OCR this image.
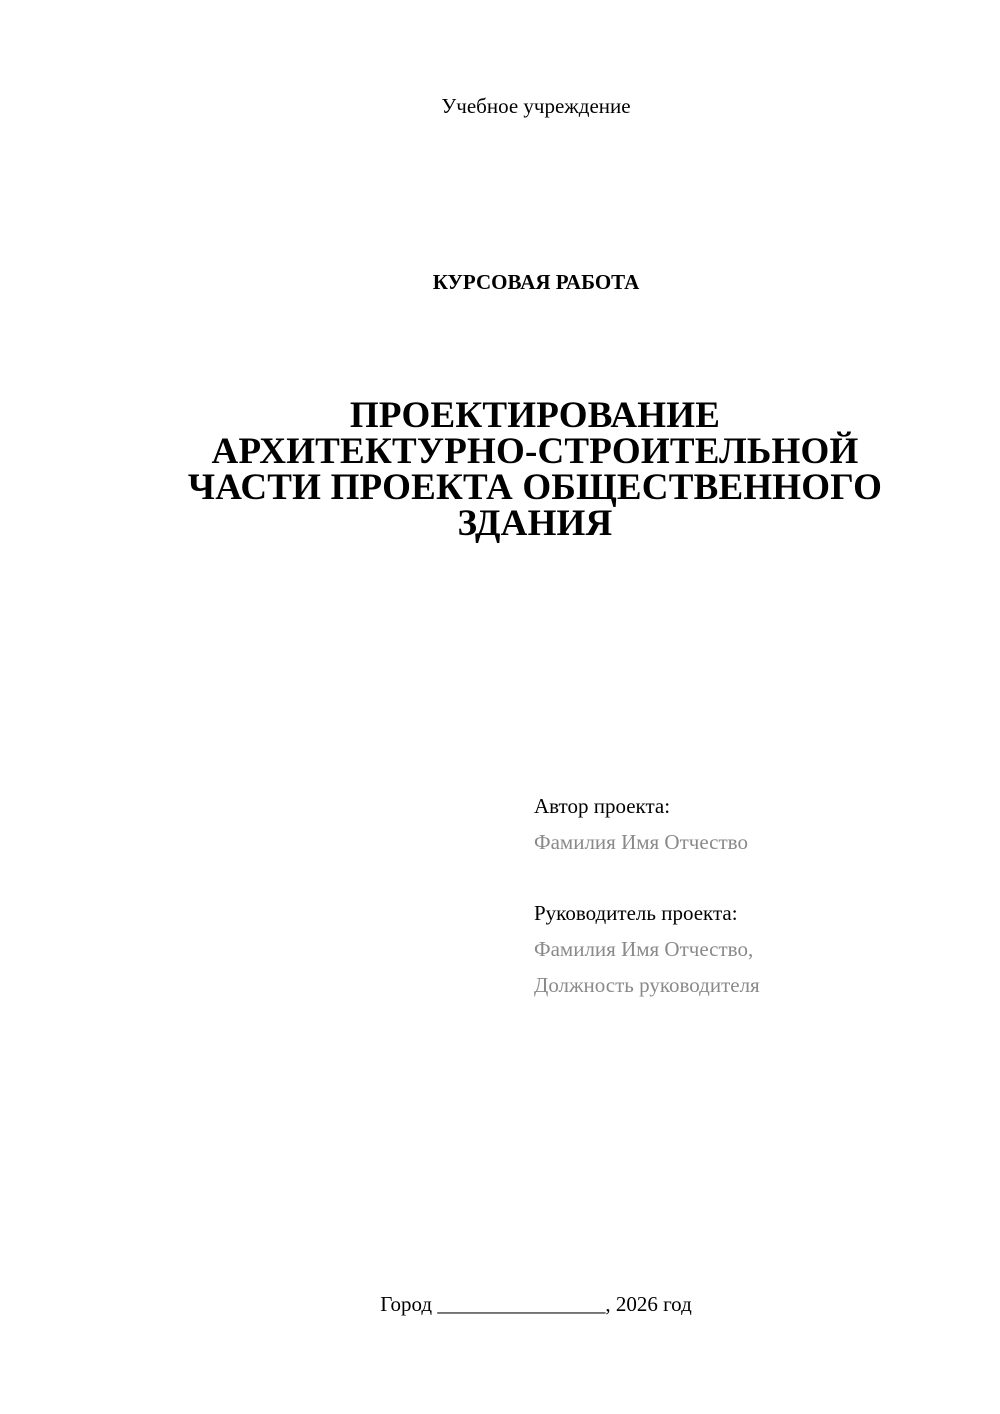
Учебное учреждение
КУРСОВАЯ РАБОТА
ПРОЕКТИРОВАНИЕ
АРХИТЕКТУРНО-СТРОИТЕЛЬНОЙ
ЧАСТИ ПРОЕКТА ОБЩЕСТВЕННОГО
ЗДАНИЯ
Автор проекта:
Фамилия Имя Отчество
Руководитель проекта:
Фамилия Имя Отчество,
Должность руководителя
Город ________________, 2026 год
